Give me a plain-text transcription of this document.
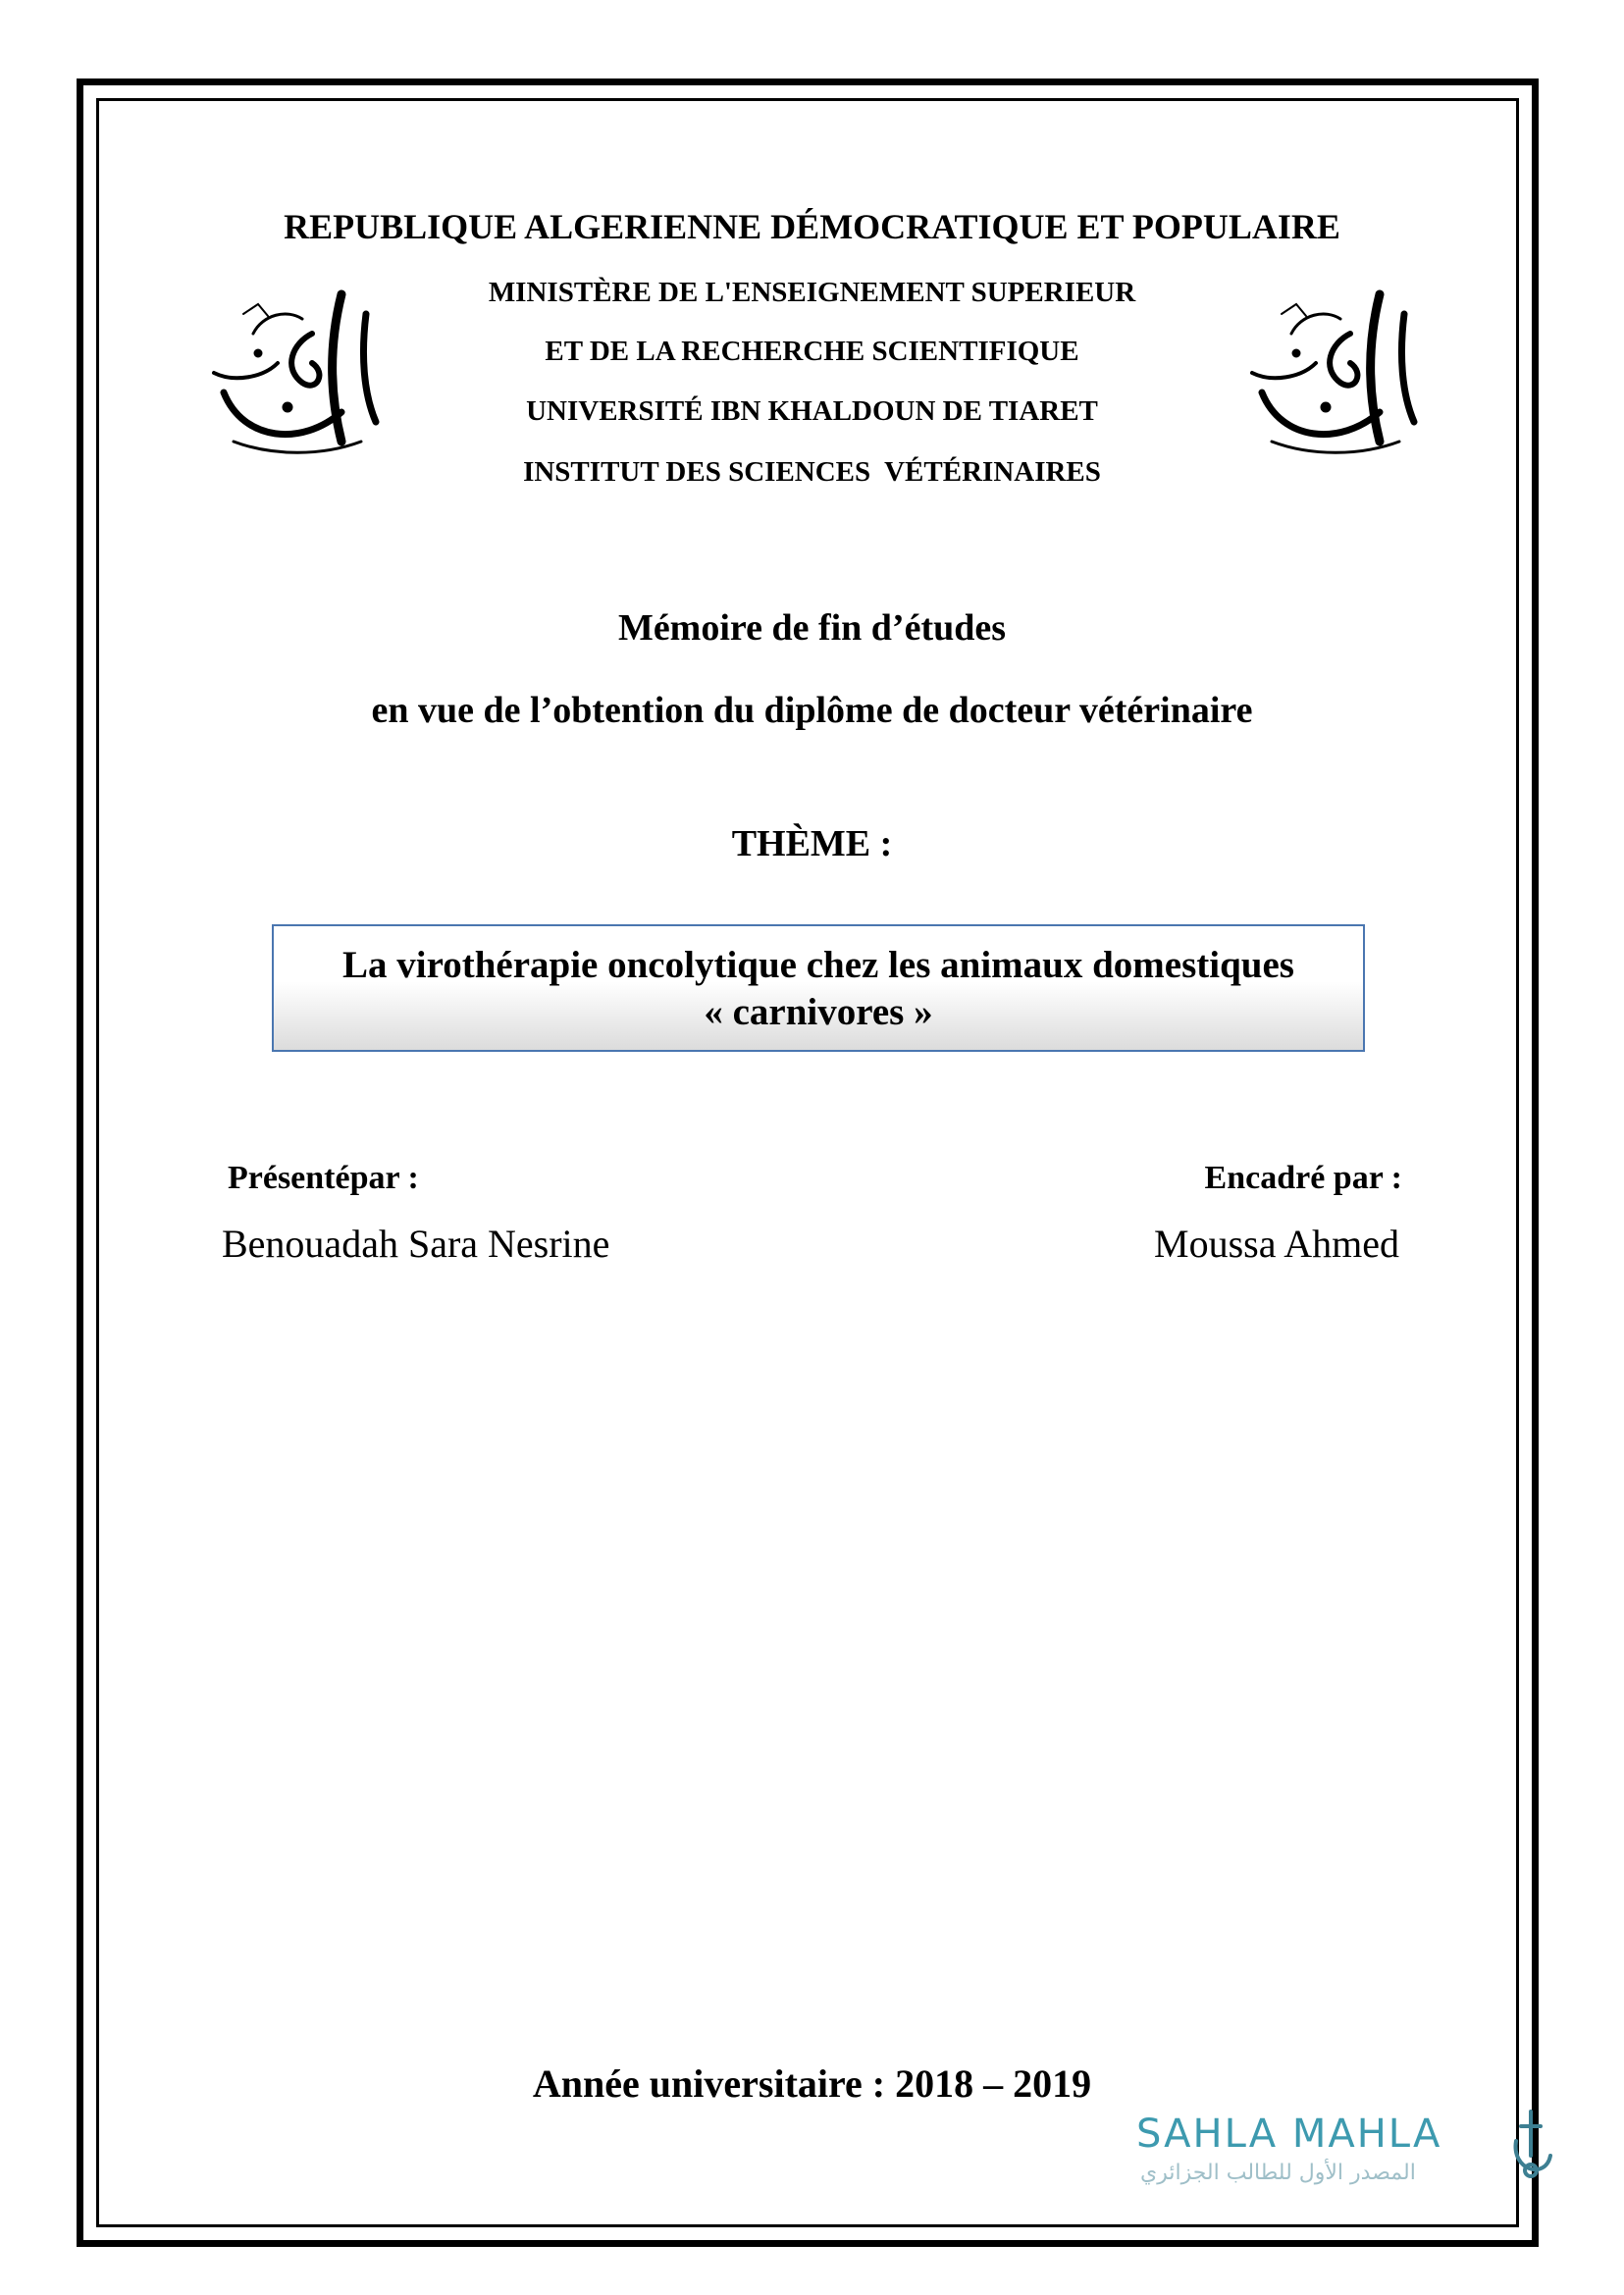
REPUBLIQUE ALGERIENNE DÉMOCRATIQUE ET POPULAIRE
MINISTÈRE DE L'ENSEIGNEMENT SUPERIEUR
ET DE LA RECHERCHE SCIENTIFIQUE
UNIVERSITÉ IBN KHALDOUN DE TIARET
INSTITUT DES SCIENCES  VÉTÉRINAIRES
Mémoire de fin d’études
en vue de l’obtention du diplôme de docteur vétérinaire
THÈME :
La virothérapie oncolytique chez les animaux domestiques
« carnivores »
Présentépar :	Encadré par :
Benouadah Sara Nesrine	Moussa Ahmed
Année universitaire : 2018 – 2019
SAHLA MAHLA
المصدر الأول للطالب الجزائري
